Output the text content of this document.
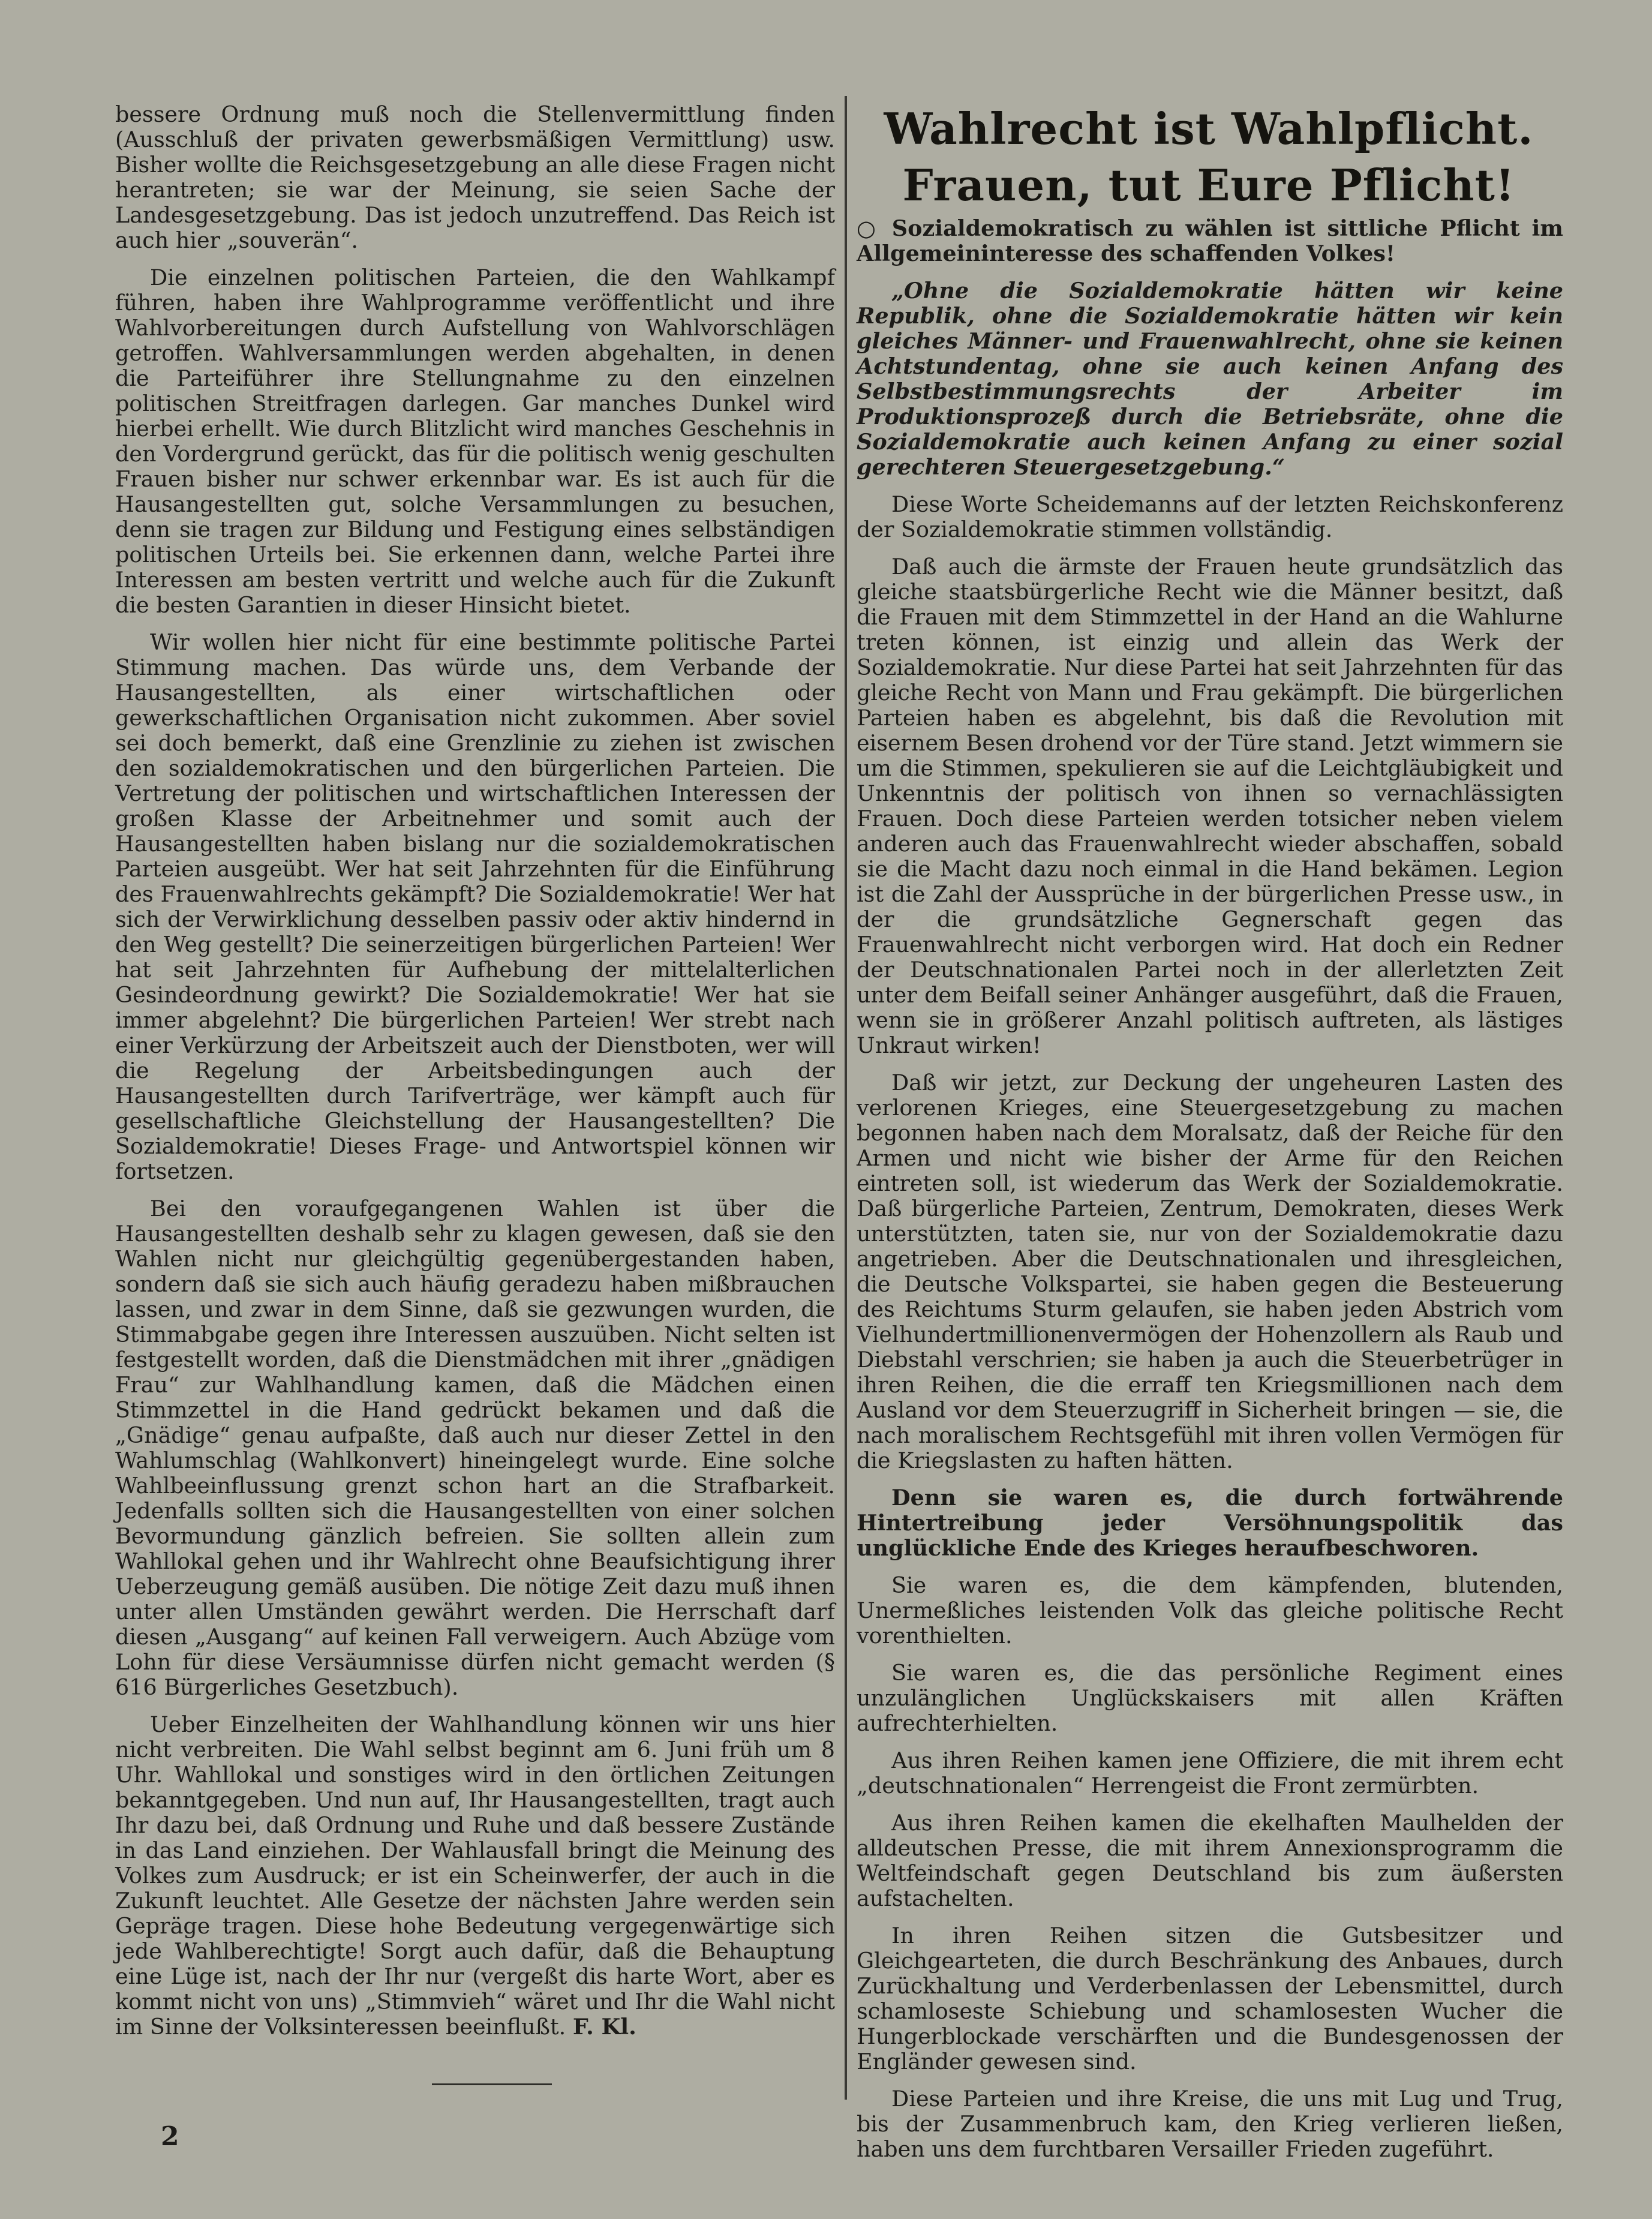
bessere Ordnung muß noch die Stellenvermittlung finden (Ausschluß der privaten gewerbsmäßigen Vermittlung) usw. Bisher wollte die Reichsgesetzgebung an alle diese Fragen nicht herantreten; sie war der Meinung, sie seien Sache der Landesgesetzgebung. Das ist jedoch unzutreffend. Das Reich ist auch hier „souverän“.

Die einzelnen politischen Parteien, die den Wahlkampf führen, haben ihre Wahlprogramme veröffentlicht und ihre Wahlvorbereitungen durch Aufstellung von Wahlvorschlägen getroffen. Wahlversammlungen werden abgehalten, in denen die Parteiführer ihre Stellungnahme zu den einzelnen politischen Streitfragen darlegen. Gar manches Dunkel wird hierbei erhellt. Wie durch Blitzlicht wird manches Geschehnis in den Vordergrund gerückt, das für die politisch wenig geschulten Frauen bisher nur schwer erkennbar war. Es ist auch für die Hausangestellten gut, solche Versammlungen zu besuchen, denn sie tragen zur Bildung und Festigung eines selbständigen politischen Urteils bei. Sie erkennen dann, welche Partei ihre Interessen am besten vertritt und welche auch für die Zukunft die besten Garantien in dieser Hinsicht bietet.

Wir wollen hier nicht für eine bestimmte politische Partei Stimmung machen. Das würde uns, dem Verbande der Hausangestellten, als einer wirtschaftlichen oder gewerkschaftlichen Organisation nicht zukommen. Aber soviel sei doch bemerkt, daß eine Grenzlinie zu ziehen ist zwischen den sozialdemokratischen und den bürgerlichen Parteien. Die Vertretung der politischen und wirtschaftlichen Interessen der großen Klasse der Arbeitnehmer und somit auch der Hausangestellten haben bislang nur die sozialdemokratischen Parteien ausgeübt. Wer hat seit Jahrzehnten für die Einführung des Frauenwahlrechts gekämpft? Die Sozialdemokratie! Wer hat sich der Verwirklichung desselben passiv oder aktiv hindernd in den Weg gestellt? Die seinerzeitigen bürgerlichen Parteien! Wer hat seit Jahrzehnten für Aufhebung der mittelalterlichen Gesindeordnung gewirkt? Die Sozialdemokratie! Wer hat sie immer abgelehnt? Die bürgerlichen Parteien! Wer strebt nach einer Verkürzung der Arbeitszeit auch der Dienstboten, wer will die Regelung der Arbeitsbedingungen auch der Hausangestellten durch Tarifverträge, wer kämpft auch für gesellschaftliche Gleichstellung der Hausangestellten? Die Sozialdemokratie! Dieses Frage- und Antwortspiel können wir fortsetzen.

Bei den voraufgegangenen Wahlen ist über die Hausangestellten deshalb sehr zu klagen gewesen, daß sie den Wahlen nicht nur gleichgültig gegenübergestanden haben, sondern daß sie sich auch häufig geradezu haben mißbrauchen lassen, und zwar in dem Sinne, daß sie gezwungen wurden, die Stimmabgabe gegen ihre Interessen auszuüben. Nicht selten ist festgestellt worden, daß die Dienstmädchen mit ihrer „gnädigen Frau“ zur Wahlhandlung kamen, daß die Mädchen einen Stimmzettel in die Hand gedrückt bekamen und daß die „Gnädige“ genau aufpaßte, daß auch nur dieser Zettel in den Wahlumschlag (Wahlkonvert) hineingelegt wurde. Eine solche Wahlbeeinflussung grenzt schon hart an die Strafbarkeit. Jedenfalls sollten sich die Hausangestellten von einer solchen Bevormundung gänzlich befreien. Sie sollten allein zum Wahllokal gehen und ihr Wahlrecht ohne Beaufsichtigung ihrer Ueberzeugung gemäß ausüben. Die nötige Zeit dazu muß ihnen unter allen Umständen gewährt werden. Die Herrschaft darf diesen „Ausgang“ auf keinen Fall verweigern. Auch Abzüge vom Lohn für diese Versäumnisse dürfen nicht gemacht werden (§ 616 Bürgerliches Gesetzbuch).

Ueber Einzelheiten der Wahlhandlung können wir uns hier nicht verbreiten. Die Wahl selbst beginnt am 6. Juni früh um 8 Uhr. Wahllokal und sonstiges wird in den örtlichen Zeitungen bekanntgegeben. Und nun auf, Ihr Hausangestellten, tragt auch Ihr dazu bei, daß Ordnung und Ruhe und daß bessere Zustände in das Land einziehen. Der Wahlausfall bringt die Meinung des Volkes zum Ausdruck; er ist ein Scheinwerfer, der auch in die Zukunft leuchtet. Alle Gesetze der nächsten Jahre werden sein Gepräge tragen. Diese hohe Bedeutung vergegenwärtige sich jede Wahlberechtigte! Sorgt auch dafür, daß die Behauptung eine Lüge ist, nach der Ihr nur (vergeßt dis harte Wort, aber es kommt nicht von uns) „Stimmvieh“ wäret und Ihr die Wahl nicht im Sinne der Volksinteressen beeinflußt. F. Kl.

Wahlrecht ist Wahlpflicht.
Frauen, tut Eure Pflicht!

○ Sozialdemokratisch zu wählen ist sittliche Pflicht im Allgemeininteresse des schaffenden Volkes!

„Ohne die Sozialdemokratie hätten wir keine Republik, ohne die Sozialdemokratie hätten wir kein gleiches Männer- und Frauenwahlrecht, ohne sie keinen Achtstundentag, ohne sie auch keinen Anfang des Selbstbestimmungsrechts der Arbeiter im Produktionsprozeß durch die Betriebsräte, ohne die Sozialdemokratie auch keinen Anfang zu einer sozial gerechteren Steuergesetzgebung.“

Diese Worte Scheidemanns auf der letzten Reichskonferenz der Sozialdemokratie stimmen vollständig.

Daß auch die ärmste der Frauen heute grundsätzlich das gleiche staatsbürgerliche Recht wie die Männer besitzt, daß die Frauen mit dem Stimmzettel in der Hand an die Wahlurne treten können, ist einzig und allein das Werk der Sozialdemokratie. Nur diese Partei hat seit Jahrzehnten für das gleiche Recht von Mann und Frau gekämpft. Die bürgerlichen Parteien haben es abgelehnt, bis daß die Revolution mit eisernem Besen drohend vor der Türe stand. Jetzt wimmern sie um die Stimmen, spekulieren sie auf die Leichtgläubigkeit und Unkenntnis der politisch von ihnen so vernachlässigten Frauen. Doch diese Parteien werden totsicher neben vielem anderen auch das Frauenwahlrecht wieder abschaffen, sobald sie die Macht dazu noch einmal in die Hand bekämen. Legion ist die Zahl der Aussprüche in der bürgerlichen Presse usw., in der die grundsätzliche Gegnerschaft gegen das Frauenwahlrecht nicht verborgen wird. Hat doch ein Redner der Deutschnationalen Partei noch in der allerletzten Zeit unter dem Beifall seiner Anhänger ausgeführt, daß die Frauen, wenn sie in größerer Anzahl politisch auftreten, als lästiges Unkraut wirken!

Daß wir jetzt, zur Deckung der ungeheuren Lasten des verlorenen Krieges, eine Steuergesetzgebung zu machen begonnen haben nach dem Moralsatz, daß der Reiche für den Armen und nicht wie bisher der Arme für den Reichen eintreten soll, ist wiederum das Werk der Sozialdemokratie. Daß bürgerliche Parteien, Zentrum, Demokraten, dieses Werk unterstützten, taten sie, nur von der Sozialdemokratie dazu angetrieben. Aber die Deutschnationalen und ihresgleichen, die Deutsche Volkspartei, sie haben gegen die Besteuerung des Reichtums Sturm gelaufen, sie haben jeden Abstrich vom Vielhundertmillionenvermögen der Hohenzollern als Raub und Diebstahl verschrien; sie haben ja auch die Steuerbetrüger in ihren Reihen, die die erraff ten Kriegsmillionen nach dem Ausland vor dem Steuerzugriff in Sicherheit bringen — sie, die nach moralischem Rechtsgefühl mit ihren vollen Vermögen für die Kriegslasten zu haften hätten.

Denn sie waren es, die durch fortwährende Hintertreibung jeder Versöhnungspolitik das unglückliche Ende des Krieges heraufbeschworen.

Sie waren es, die dem kämpfenden, blutenden, Unermeßliches leistenden Volk das gleiche politische Recht vorenthielten.

Sie waren es, die das persönliche Regiment eines unzulänglichen Unglückskaisers mit allen Kräften aufrechterhielten.

Aus ihren Reihen kamen jene Offiziere, die mit ihrem echt „deutschnationalen“ Herrengeist die Front zermürbten.

Aus ihren Reihen kamen die ekelhaften Maulhelden der alldeutschen Presse, die mit ihrem Annexionsprogramm die Weltfeindschaft gegen Deutschland bis zum äußersten aufstachelten.

In ihren Reihen sitzen die Gutsbesitzer und Gleichgearteten, die durch Beschränkung des Anbaues, durch Zurückhaltung und Verderbenlassen der Lebensmittel, durch schamloseste Schiebung und schamlosesten Wucher die Hungerblockade verschärften und die Bundesgenossen der Engländer gewesen sind.

Diese Parteien und ihre Kreise, die uns mit Lug und Trug, bis der Zusammenbruch kam, den Krieg verlieren ließen, haben uns dem furchtbaren Versailler Frieden zugeführt.

2
